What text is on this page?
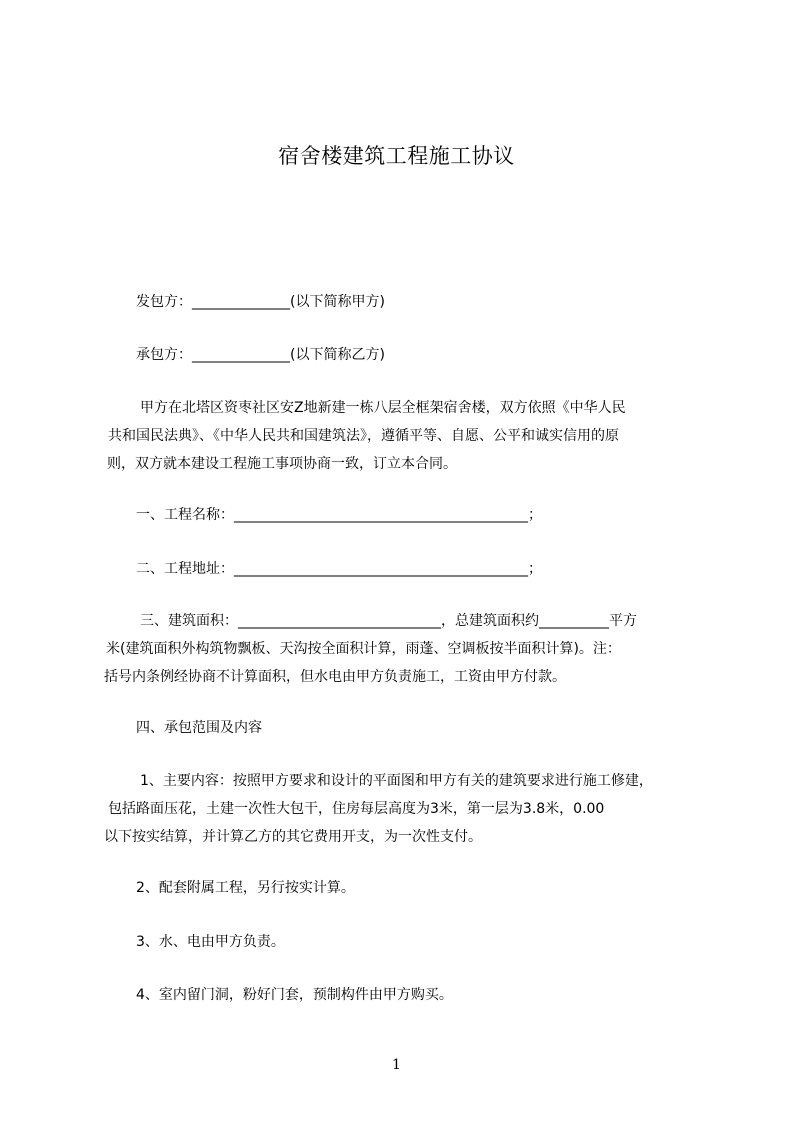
宿舍楼建筑工程施工协议
发包方：______________(以下简称甲方)
承包方：______________(以下简称乙方)
甲方在北塔区资枣社区安Z地新建一栋八层全框架宿舍楼，双方依照《中华人民
共和国民法典》、《中华人民共和国建筑法》，遵循平等、自愿、公平和诚实信用的原
则，双方就本建设工程施工事项协商一致，订立本合同。
一、工程名称：__________________________________________；
二、工程地址：__________________________________________；
三、建筑面积：_____________________________，总建筑面积约__________平方
米(建筑面积外构筑物飘板、天沟按全面积计算，雨蓬、空调板按半面积计算)。注：
括号内条例经协商不计算面积，但水电由甲方负责施工，工资由甲方付款。
四、承包范围及内容
1、主要内容：按照甲方要求和设计的平面图和甲方有关的建筑要求进行施工修建，
包括路面压花，土建一次性大包干，住房每层高度为3米，第一层为3.8米，0.00
以下按实结算，并计算乙方的其它费用开支，为一次性支付。
2、配套附属工程，另行按实计算。
3、水、电由甲方负责。
4、室内留门洞，粉好门套，预制构件由甲方购买。
1
